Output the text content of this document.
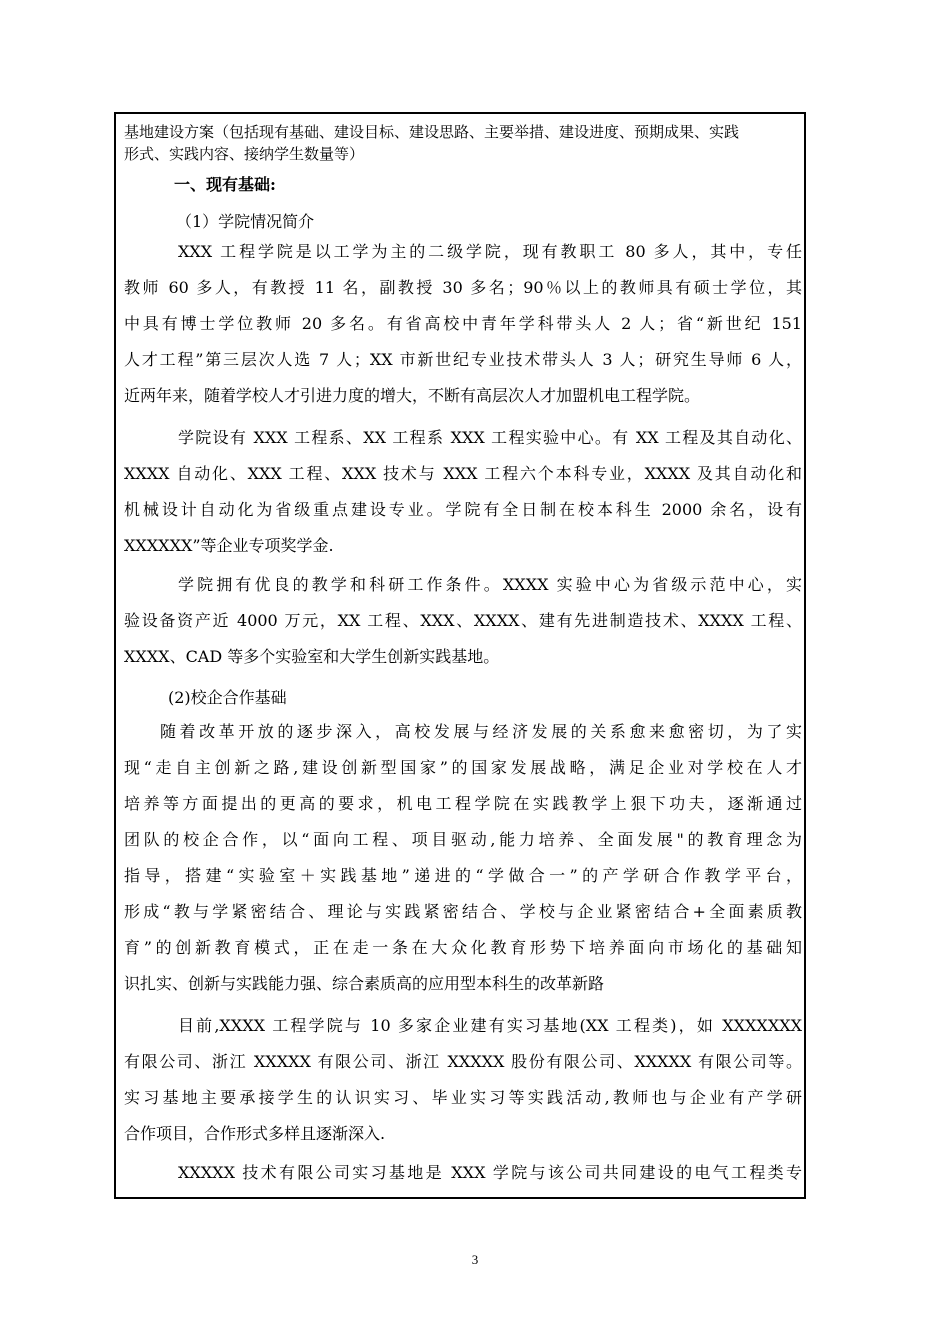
基地建设方案（包括现有基础、建设目标、建设思路、主要举措、建设进度、预期成果、实践
形式、实践内容、接纳学生数量等）
一、现有基础:
（1）学院情况简介
XXX 工程学院是以工学为主的二级学院，现有教职工 80 多人，其中，专任
教师 60 多人，有教授 11 名，副教授 30 多名；90％以上的教师具有硕士学位，其
中具有博士学位教师 20 多名。有省高校中青年学科带头人 2 人；省“新世纪 151
人才工程”第三层次人选 7 人；XX 市新世纪专业技术带头人 3 人；研究生导师 6 人，
近两年来，随着学校人才引进力度的增大，不断有高层次人才加盟机电工程学院。
学院设有 XXX 工程系、XX 工程系 XXX 工程实验中心。有 XX 工程及其自动化、
XXXX 自动化、XXX 工程、XXX 技术与 XXX 工程六个本科专业，XXXX 及其自动化和
机械设计自动化为省级重点建设专业。学院有全日制在校本科生 2000 余名，设有
XXXXXX”等企业专项奖学金.
学院拥有优良的教学和科研工作条件。XXXX 实验中心为省级示范中心，实
验设备资产近 4000 万元，XX 工程、XXX、XXXX、建有先进制造技术、XXXX 工程、
XXXX、CAD 等多个实验室和大学生创新实践基地。
(2)校企合作基础
随着改革开放的逐步深入，高校发展与经济发展的关系愈来愈密切，为了实
现“走自主创新之路,建设创新型国家”的国家发展战略，满足企业对学校在人才
培养等方面提出的更高的要求，机电工程学院在实践教学上狠下功夫，逐渐通过
团队的校企合作，以“面向工程、项目驱动,能力培养、全面发展"的教育理念为
指导，搭建“实验室＋实践基地”递进的“学做合一”的产学研合作教学平台，
形成“教与学紧密结合、理论与实践紧密结合、学校与企业紧密结合+全面素质教
育”的创新教育模式，正在走一条在大众化教育形势下培养面向市场化的基础知
识扎实、创新与实践能力强、综合素质高的应用型本科生的改革新路
目前,XXXX 工程学院与 10 多家企业建有实习基地(XX 工程类)，如 XXXXXXX
有限公司、浙江 XXXXX 有限公司、浙江 XXXXX 股份有限公司、XXXXX 有限公司等。
实习基地主要承接学生的认识实习、毕业实习等实践活动,教师也与企业有产学研
合作项目，合作形式多样且逐渐深入.
XXXXX 技术有限公司实习基地是 XXX 学院与该公司共同建设的电气工程类专
3
